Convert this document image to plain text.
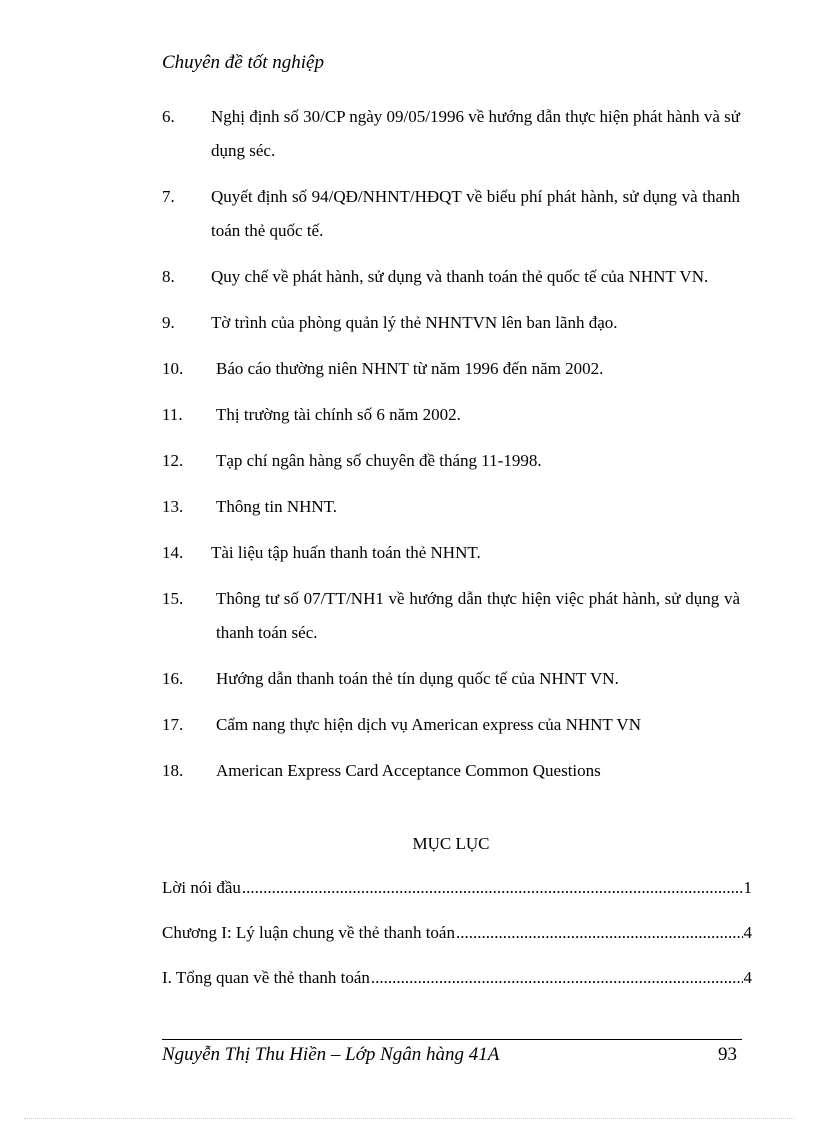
Chuyên đề tốt nghiệp
6. Nghị định số 30/CP ngày 09/05/1996 về hướng dẫn thực hiện phát hành và sử dụng séc.
7. Quyết định số 94/QĐ/NHNT/HĐQT về biểu phí phát hành, sử dụng và thanh toán thẻ quốc tế.
8. Quy chế về phát hành, sử dụng và thanh toán thẻ quốc tế của NHNT VN.
9. Tờ trình của phòng quản lý thẻ NHNTVN lên ban lãnh đạo.
10. Báo cáo thường niên NHNT từ năm 1996 đến năm 2002.
11. Thị trường tài chính số 6 năm 2002.
12. Tạp chí ngân hàng số chuyên đề tháng 11-1998.
13. Thông tin NHNT.
14. Tài liệu tập huấn thanh toán thẻ NHNT.
15. Thông tư số 07/TT/NH1 về hướng dẫn thực hiện việc phát hành, sử dụng và thanh toán séc.
16. Hướng dẫn thanh toán thẻ tín dụng quốc tế của NHNT VN.
17. Cẩm nang thực hiện dịch vụ American express của NHNT VN
18. American Express Card Acceptance Common Questions
MỤC LỤC
Lời nói đầu .....	1
Chương I: Lý luận chung về thẻ thanh toán .....	4
I. Tổng quan về thẻ thanh toán .....	4
Nguyễn Thị Thu Hiền – Lớp Ngân hàng 41A	93
